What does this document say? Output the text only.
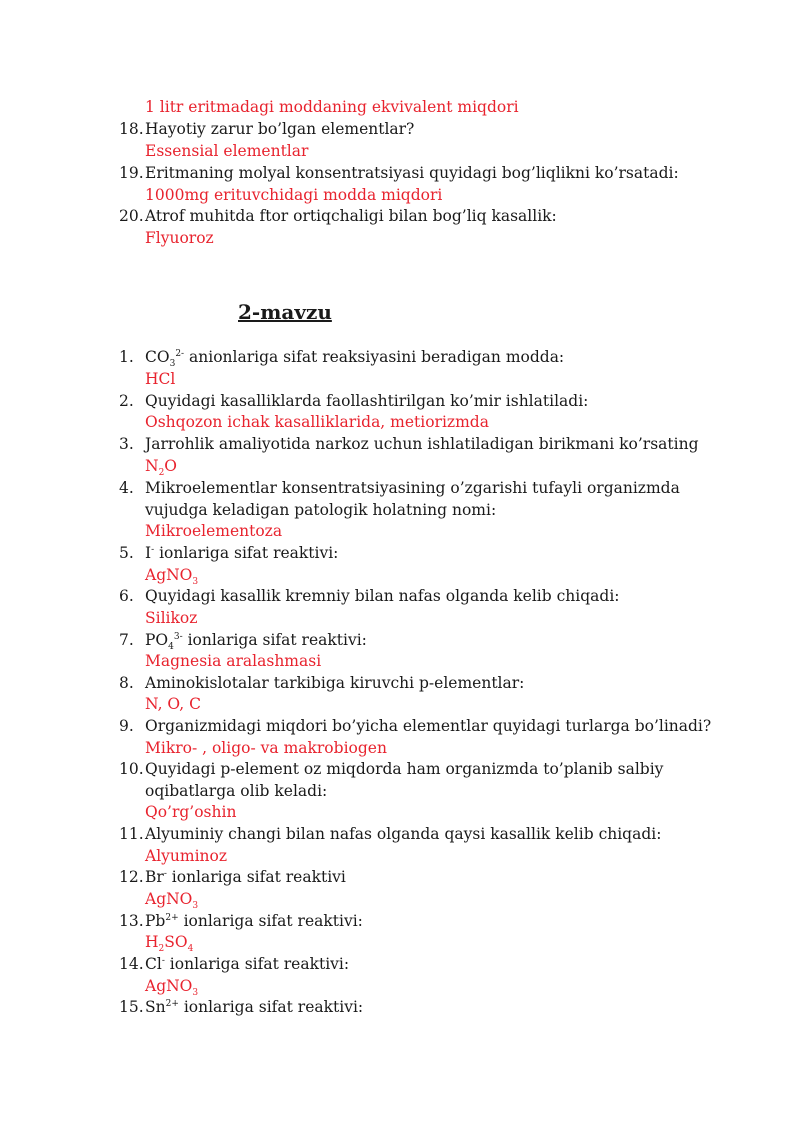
1 litr eritmadagi moddaning ekvivalent miqdori
18. Hayotiy zarur bo’lgan elementlar?
Essensial elementlar
19. Eritmaning molyal konsentratsiyasi quyidagi bog’liqlikni ko’rsatadi:
1000mg erituvchidagi modda miqdori
20. Atrof muhitda ftor ortiqchaligi bilan bog’liq kasallik:
Flyuoroz
2-mavzu
1. $CO_3^{2-}$ anionlariga sifat reaksiyasini beradigan modda:
HCl
2. Quyidagi kasalliklarda faollashtirilgan ko’mir ishlatiladi:
Oshqozon ichak kasalliklarida, metiorizmda
3. Jarrohlik amaliyotida narkoz uchun ishlatiladigan birikmani ko’rsating
$N_2O$
4. Mikroelementlar konsentratsiyasining o’zgarishi tufayli organizmda
vujudga keladigan patologik holatning nomi:
Mikroelementoza
5. I- ionlariga sifat reaktivi:
AgNO$_3$
6. Quyidagi kasallik kremniy bilan nafas olganda kelib chiqadi:
Silikoz
7. $PO_4^{3-}$ ionlariga sifat reaktivi:
Magnesia aralashmasi
8. Aminokislotalar tarkibiga kiruvchi p-elementlar:
N, O, C
9. Organizmidagi miqdori bo’yicha elementlar quyidagi turlarga bo’linadi?
Mikro- , oligo- va makrobiogen
10. Quyidagi p-element oz miqdorda ham organizmda to’planib salbiy
oqibatlarga olib keladi:
Qo’rg’oshin
11. Alyuminiy changi bilan nafas olganda qaysi kasallik kelib chiqadi:
Alyuminoz
12. Br- ionlariga sifat reaktivi
AgNO$_3$
13. $Pb^{2+}$ ionlariga sifat reaktivi:
$H_2SO_4$
14. Cl- ionlariga sifat reaktivi:
AgNO$_3$
15. $Sn^{2+}$ ionlariga sifat reaktivi:
